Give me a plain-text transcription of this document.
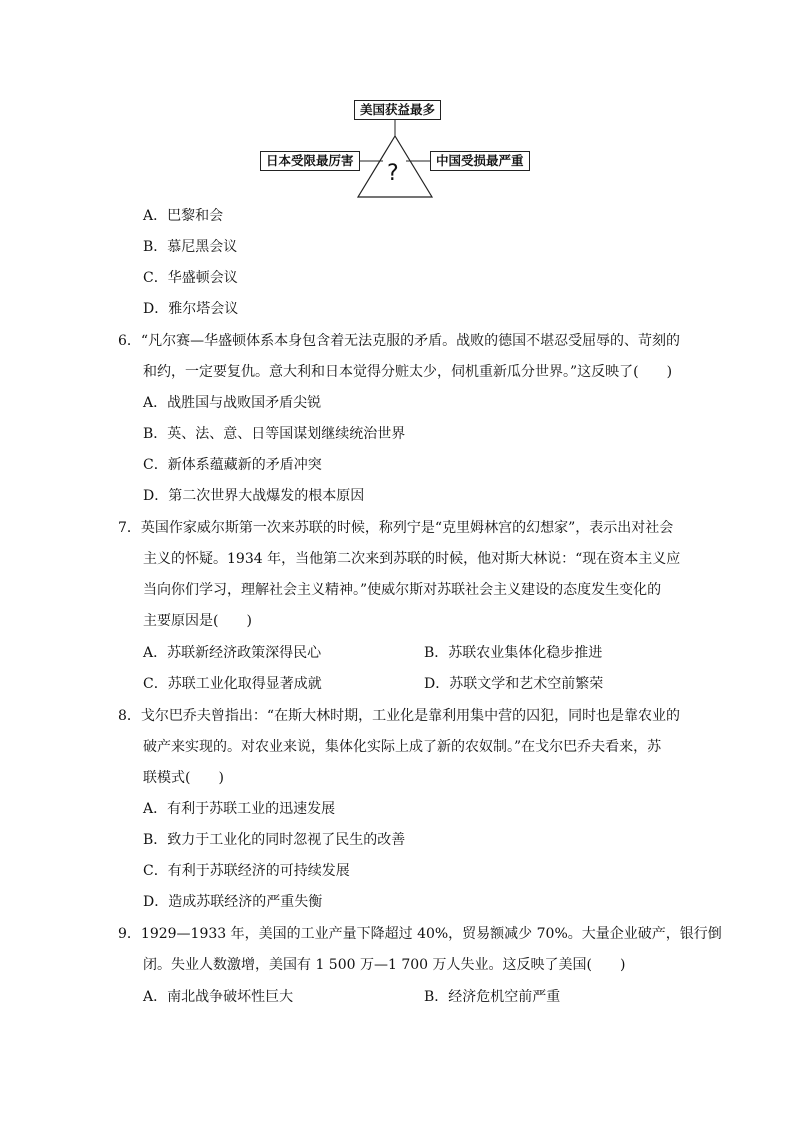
美国获益最多
日本受限最厉害	中国受损最严重
?
A．巴黎和会
B．慕尼黑会议
C．华盛顿会议
D．雅尔塔会议
6．“凡尔赛—华盛顿体系本身包含着无法克服的矛盾。战败的德国不堪忍受屈辱的、苛刻的
和约，一定要复仇。意大利和日本觉得分赃太少，伺机重新瓜分世界。”这反映了(　　)
A．战胜国与战败国矛盾尖锐
B．英、法、意、日等国谋划继续统治世界
C．新体系蕴藏新的矛盾冲突
D．第二次世界大战爆发的根本原因
7．英国作家威尔斯第一次来苏联的时候，称列宁是“克里姆林宫的幻想家”，表示出对社会
主义的怀疑。1934 年，当他第二次来到苏联的时候，他对斯大林说：“现在资本主义应
当向你们学习，理解社会主义精神。”使威尔斯对苏联社会主义建设的态度发生变化的
主要原因是(　　)
A．苏联新经济政策深得民心	B．苏联农业集体化稳步推进
C．苏联工业化取得显著成就	D．苏联文学和艺术空前繁荣
8．戈尔巴乔夫曾指出：“在斯大林时期，工业化是靠利用集中营的囚犯，同时也是靠农业的
破产来实现的。对农业来说，集体化实际上成了新的农奴制。”在戈尔巴乔夫看来，苏
联模式(　　)
A．有利于苏联工业的迅速发展
B．致力于工业化的同时忽视了民生的改善
C．有利于苏联经济的可持续发展
D．造成苏联经济的严重失衡
9．1929—1933 年，美国的工业产量下降超过 40%，贸易额减少 70%。大量企业破产，银行倒
闭。失业人数激增，美国有 1 500 万—1 700 万人失业。这反映了美国(　　)
A．南北战争破坏性巨大	B．经济危机空前严重
